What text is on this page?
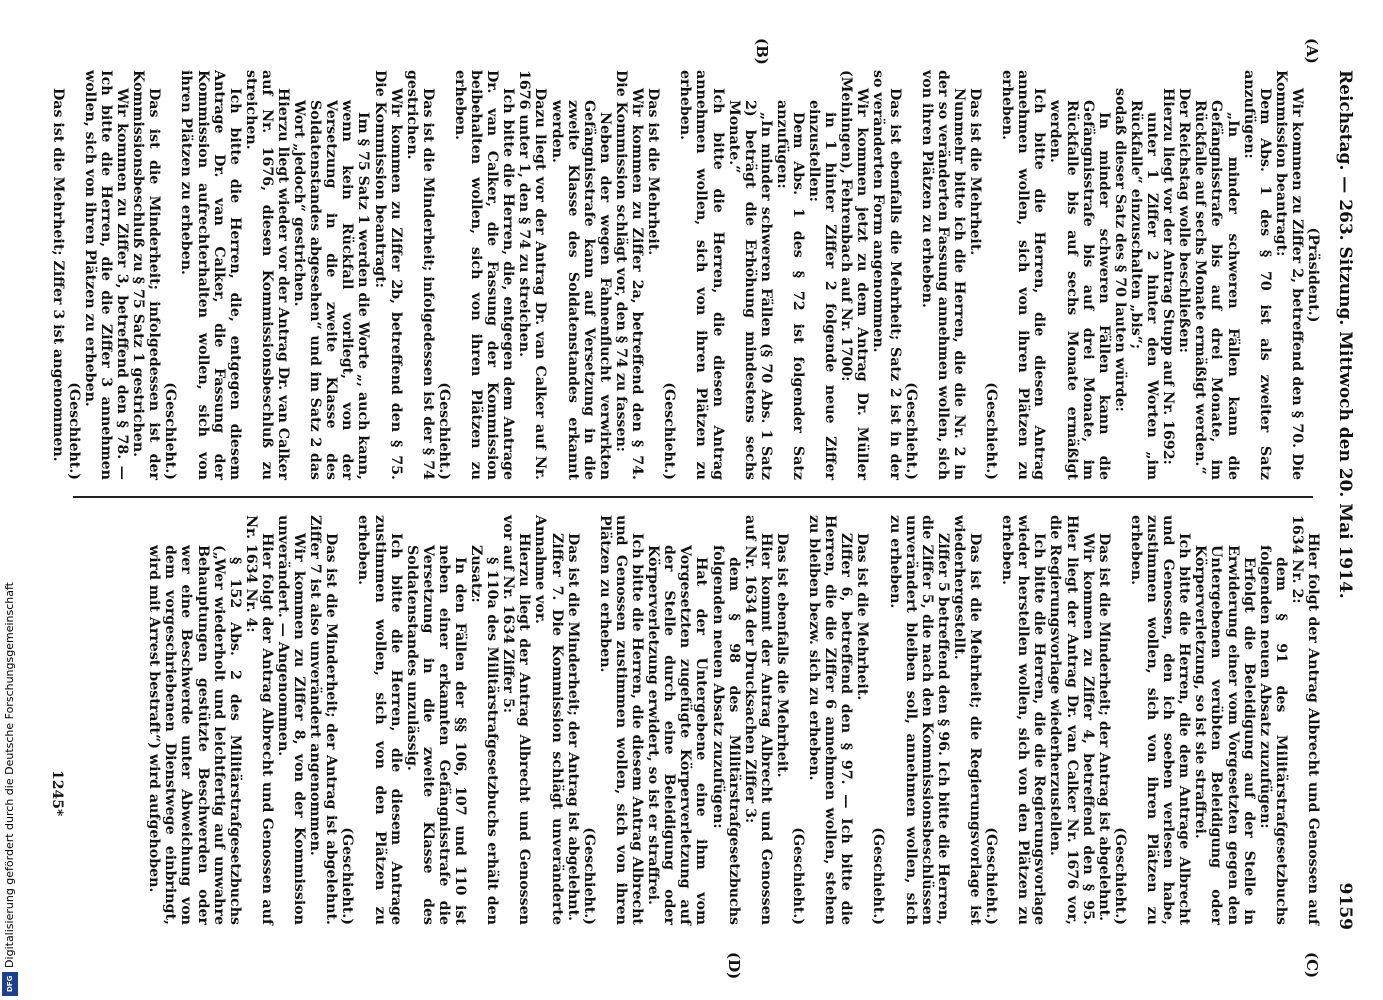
Reichstag. — 263. Sitzung. Mittwoch den 20. Mai 1914.
9159
(A)
(B)
(C)
(D)

(Präsident.)

Wir kommen zu Ziffer 2, betreffend den § 70. Die Kommission beantragt:

Dem Abs. 1 des § 70 ist als zweiter Satz anzufügen:

„In minder schweren Fällen kann die Gefängnisstrafe bis auf drei Monate, im Rückfalle auf sechs Monate ermäßigt werden.“

Der Reichstag wolle beschließen:

Hierzu liegt vor der Antrag Stupp auf Nr. 1692:

unter 1 Ziffer 2 hinter den Worten „im Rückfalle“ einzuschalten „bis“;

sodaß dieser Satz des § 70 lauten würde:

In minder schweren Fällen kann die Gefängnisstrafe bis auf drei Monate, im Rückfalle bis auf sechs Monate ermäßigt werden.

Ich bitte die Herren, die diesen Antrag annehmen wollen, sich von ihren Plätzen zu erheben.

(Geschieht.)

Das ist die Mehrheit.

Nunmehr bitte ich die Herren, die die Nr. 2 in der so veränderten Fassung annehmen wollen, sich von ihren Plätzen zu erheben.

(Geschieht.)

Das ist ebenfalls die Mehrheit; Satz 2 ist in der so veränderten Form angenommen.

Wir kommen jetzt zu dem Antrag Dr. Müller (Meiningen), Fehrenbach auf Nr. 1700:

in 1 hinter Ziffer 2 folgende neue Ziffer einzustellen:

Dem Abs. 1 des § 72 ist folgender Satz anzufügen:

„In minder schweren Fällen (§ 70 Abs. 1 Satz 2) beträgt die Erhöhung mindestens sechs Monate.“

Ich bitte die Herren, die diesen Antrag annehmen wollen, sich von ihren Plätzen zu erheben.

(Geschieht.)

Das ist die Mehrheit.

Wir kommen zu Ziffer 2a, betreffend den § 74. Die Kommission schlägt vor, den § 74 zu fassen:

Neben der wegen Fahnenflucht verwirkten Gefängnisstrafe kann auf Versetzung in die zweite Klasse des Soldatenstandes erkannt werden.

Dazu liegt vor der Antrag Dr. van Calker auf Nr. 1676 unter 1, den § 74 zu streichen.

Ich bitte die Herren, die, entgegen dem Antrage Dr. van Calker, die Fassung der Kommission beibehalten wollen, sich von ihren Plätzen zu erheben.

(Geschieht.)

Das ist die Minderheit; infolgedessen ist der § 74 gestrichen.

Wir kommen zu Ziffer 2b, betreffend den § 75. Die Kommission beantragt:

Im § 75 Satz 1 werden die Worte „, auch kann, wenn kein Rückfall vorliegt, von der Versetzung in die zweite Klasse des Soldatenstandes abgesehen“ und im Satz 2 das Wort „jedoch“ gestrichen.

Hierzu liegt wieder vor der Antrag Dr. van Calker auf Nr. 1676, diesen Kommissionsbeschluß zu streichen.

Ich bitte die Herren, die, entgegen diesem Antrage Dr. van Calker, die Fassung der Kommission aufrechterhalten wollen, sich von ihren Plätzen zu erheben.

(Geschieht.)

Das ist die Minderheit; infolgedessen ist der Kommissionsbeschluß zu § 75 Satz 1 gestrichen.

Wir kommen zu Ziffer 3, betreffend den § 78. — Ich bitte die Herren, die die Ziffer 3 annehmen wollen, sich von ihren Plätzen zu erheben.

(Geschieht.)

Das ist die Mehrheit; Ziffer 3 ist angenommen.

Hier folgt der Antrag Albrecht und Genossen auf 1634 Nr. 2:

dem § 91 des Militärstrafgesetzbuchs folgenden neuen Absatz zuzufügen:

Erfolgt die Beleidigung auf der Stelle in Erwiderung einer vom Vorgesetzten gegen den Untergebenen verübten Beleidigung oder Körperverletzung, so ist sie straffrei.

Ich bitte die Herren, die dem Antrage Albrecht und Genossen, den ich soeben verlesen habe, zustimmen wollen, sich von ihren Plätzen zu erheben.

(Geschieht.)

Das ist die Minderheit; der Antrag ist abgelehnt.

Wir kommen zu Ziffer 4, betreffend den § 95. Hier liegt der Antrag Dr. van Calker Nr. 1676 vor, die Regierungsvorlage wiederherzustellen.

Ich bitte die Herren, die die Regierungsvorlage wieder herstellen wollen, sich von den Plätzen zu erheben.

(Geschieht.)

Das ist die Mehrheit; die Regierungsvorlage ist wiederhergestellt.

Ziffer 5 betreffend den § 96. Ich bitte die Herren, die Ziffer 5, die nach den Kommissionsbeschlüssen unverändert bleiben soll, annehmen wollen, sich zu erheben.

(Geschieht.)

Das ist die Mehrheit.

Ziffer 6, betreffend den § 97. — Ich bitte die Herren, die die Ziffer 6 annehmen wollen, stehen zu bleiben bezw. sich zu erheben.

(Geschieht.)

Das ist ebenfalls die Mehrheit.

Hier kommt der Antrag Albrecht und Genossen auf Nr. 1634 der Drucksachen Ziffer 3:

dem § 98 des Militärstrafgesetzbuchs folgenden neuen Absatz zuzufügen:

Hat der Untergebene eine ihm vom Vorgesetzten zugefügte Körperverletzung auf der Stelle durch eine Beleidigung oder Körperverletzung erwidert, so ist er straffrei.

Ich bitte die Herren, die diesem Antrag Albrecht und Genossen zustimmen wollen, sich von ihren Plätzen zu erheben.

(Geschieht.)

Das ist die Minderheit; der Antrag ist abgelehnt.

Ziffer 7. Die Kommission schlägt unveränderte Annahme vor.

Hierzu liegt der Antrag Albrecht und Genossen vor auf Nr. 1634 Ziffer 5:

§ 110a des Militärstrafgesetzbuchs erhält den Zusatz:

In den Fällen der §§ 106, 107 und 110 ist neben einer erkannten Gefängnisstrafe die Versetzung in die zweite Klasse des Soldatenstandes unzulässig.

Ich bitte die Herren, die diesem Antrage zustimmen wollen, sich von den Plätzen zu erheben.

(Geschieht.)

Das ist die Minderheit; der Antrag ist abgelehnt. Ziffer 7 ist also unverändert angenommen.

Wir kommen zu Ziffer 8, von der Kommission unverändert. — Angenommen.

Hier folgt der Antrag Albrecht und Genossen auf Nr. 1634 Nr. 4:

§ 152 Abs. 2 des Militärstrafgesetzbuchs („Wer wiederholt und leichtfertig auf unwahre Behauptungen gestützte Beschwerden oder wer eine Beschwerde unter Abweichung von dem vorgeschriebenen Dienstwege einbringt, wird mit Arrest bestraft“) wird aufgehoben.

1245*
Digitalisierung gefördert durch die Deutsche Forschungsgemeinschaft
DFG
